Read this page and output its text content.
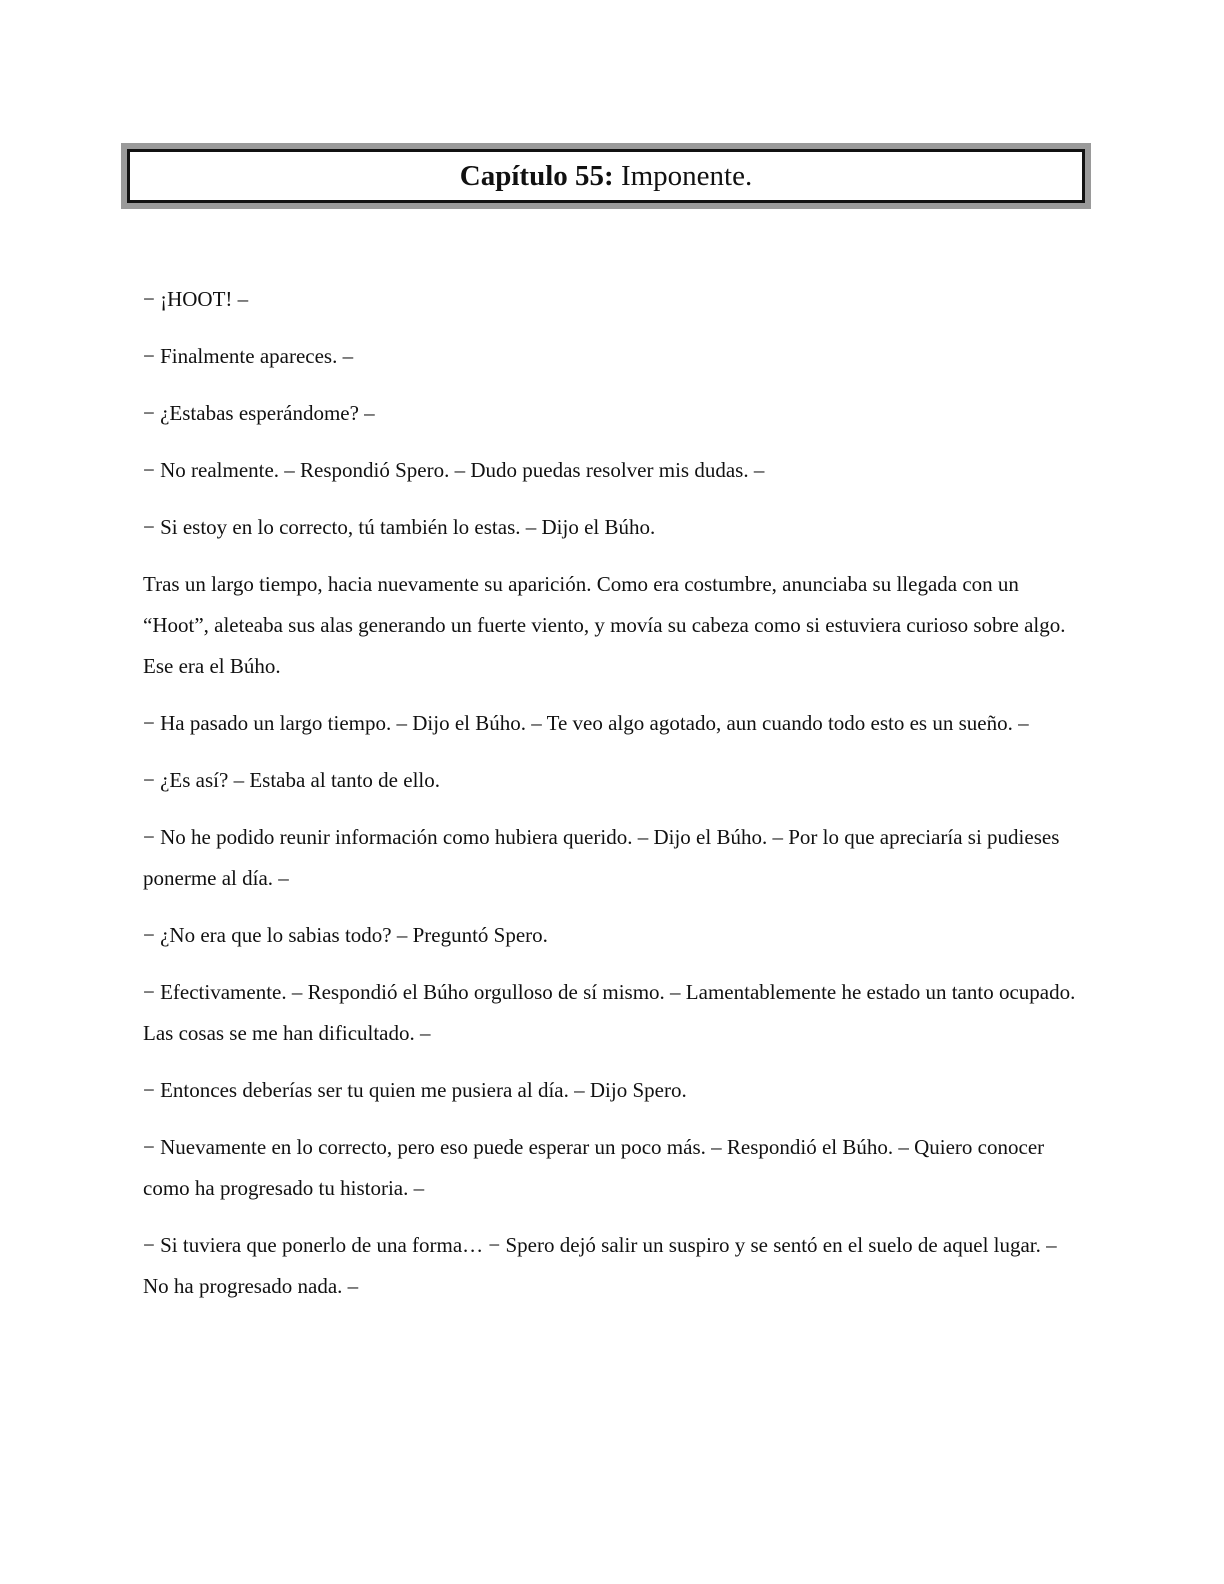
Capítulo 55: Imponente.

− ¡HOOT! –

− Finalmente apareces. –

− ¿Estabas esperándome? –

− No realmente. – Respondió Spero. – Dudo puedas resolver mis dudas. –

− Si estoy en lo correcto, tú también lo estas. – Dijo el Búho.

Tras un largo tiempo, hacia nuevamente su aparición. Como era costumbre, anunciaba su llegada con un “Hoot”, aleteaba sus alas generando un fuerte viento, y movía su cabeza como si estuviera curioso sobre algo. Ese era el Búho.

− Ha pasado un largo tiempo. – Dijo el Búho. – Te veo algo agotado, aun cuando todo esto es un sueño. –

− ¿Es así? – Estaba al tanto de ello.

− No he podido reunir información como hubiera querido. – Dijo el Búho. – Por lo que apreciaría si pudieses ponerme al día. –

− ¿No era que lo sabias todo? – Preguntó Spero.

− Efectivamente. – Respondió el Búho orgulloso de sí mismo. – Lamentablemente he estado un tanto ocupado. Las cosas se me han dificultado. –

− Entonces deberías ser tu quien me pusiera al día. – Dijo Spero.

− Nuevamente en lo correcto, pero eso puede esperar un poco más. – Respondió el Búho. – Quiero conocer como ha progresado tu historia. –

− Si tuviera que ponerlo de una forma… − Spero dejó salir un suspiro y se sentó en el suelo de aquel lugar. – No ha progresado nada. –
